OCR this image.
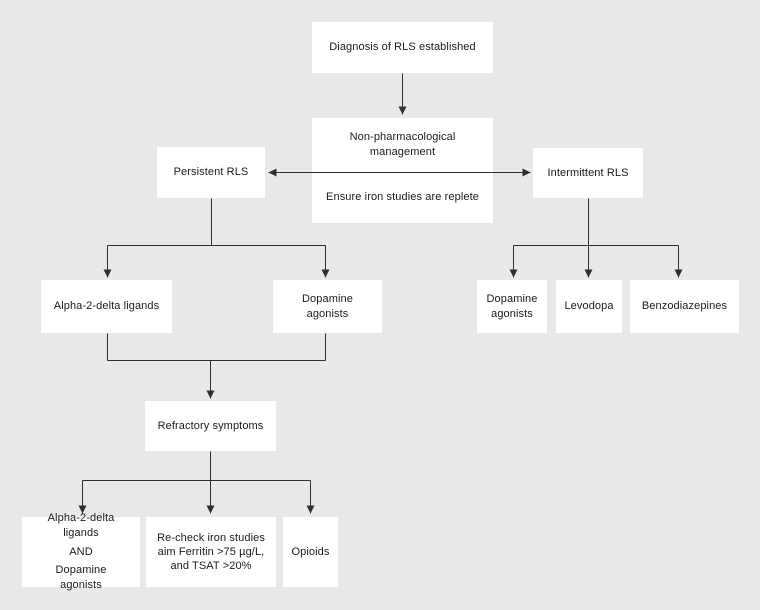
Diagnosis of RLS established
Non-pharmacological management
Ensure iron studies are replete
Persistent RLS	Intermittent RLS
Alpha-2-delta ligands
Dopamine agonists
Dopamine agonists
Levodopa	Benzodiazepines
Refractory symptoms
Alpha-2-delta ligands
AND
Dopamine agonists
Re-check iron studies
aim Ferritin >75 µg/L,
and TSAT >20%
Opioids
